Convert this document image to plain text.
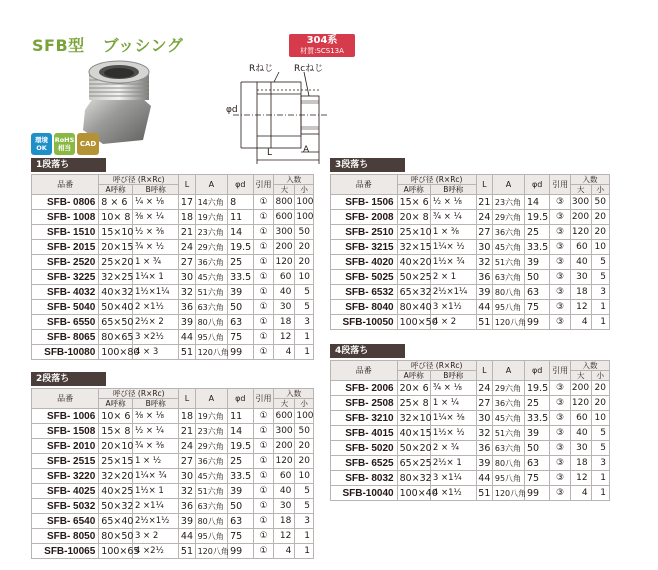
SFB型 ブッシング	304系
材質:SCS13A
環境
OK
RoHS
相当	CAD
Rねじ Rcねじ
φd
L	A
1段落ち
2段落ち
3段落ち
4段落ち
品番	呼び径 (R×Rc)		L	A	φd	引用	入数	
	A呼称	B呼称					大	小
SFB- 0806	8 × 6	¼ × ⅛	17	14六角	8	①	800	100
SFB- 1008	10× 8	⅜ × ¼	18	19六角	11	①	600	100
SFB- 1510	15×10	½ × ⅜	21	23六角	14	①	300	50
SFB- 2015	20×15	¾ × ½	24	29六角	19.5	①	200	20
SFB- 2520	25×20	1 × ¾	27	36六角	25	①	120	20
SFB- 3225	32×25	1¼× 1	30	45六角	33.5	①	60	10
SFB- 4032	40×32	1½×1¼	32	51六角	39	①	40	5
SFB- 5040	50×40	2 ×1½	36	63六角	50	①	30	5
SFB- 6550	65×50	2½× 2	39	80八角	63	①	18	3
SFB- 8065	80×65	3 ×2½	44	95八角	75	①	12	1
SFB-10080	100×80	4 × 3	51	120八角	99	①	4	1
品番	呼び径 (R×Rc)		L	A	φd	引用	入数	
	A呼称	B呼称					大	小
SFB- 1006	10× 6	⅜ × ⅛	18	19六角	11	①	600	100
SFB- 1508	15× 8	½ × ¼	21	23六角	14	①	300	50
SFB- 2010	20×10	¾ × ⅜	24	29六角	19.5	①	200	20
SFB- 2515	25×15	1 × ½	27	36六角	25	①	120	20
SFB- 3220	32×20	1¼× ¾	30	45六角	33.5	①	60	10
SFB- 4025	40×25	1½× 1	32	51六角	39	①	40	5
SFB- 5032	50×32	2 ×1¼	36	63六角	50	①	30	5
SFB- 6540	65×40	2½×1½	39	80八角	63	①	18	3
SFB- 8050	80×50	3 × 2	44	95八角	75	①	12	1
SFB-10065	100×65	4 ×2½	51	120八角	99	①	4	1
品番	呼び径 (R×Rc)		L	A	φd	引用	入数	
	A呼称	B呼称					大	小
SFB- 1506	15× 6	½ × ⅛	21	23六角	14	③	300	50
SFB- 2008	20× 8	¾ × ¼	24	29六角	19.5	③	200	20
SFB- 2510	25×10	1 × ⅜	27	36六角	25	③	120	20
SFB- 3215	32×15	1¼× ½	30	45六角	33.5	③	60	10
SFB- 4020	40×20	1½× ¾	32	51六角	39	③	40	5
SFB- 5025	50×25	2 × 1	36	63六角	50	③	30	5
SFB- 6532	65×32	2½×1¼	39	80八角	63	③	18	3
SFB- 8040	80×40	3 ×1½	44	95八角	75	③	12	1
SFB-10050	100×50	4 × 2	51	120八角	99	③	4	1
品番	呼び径 (R×Rc)		L	A	φd	引用	入数	
	A呼称	B呼称					大	小
SFB- 2006	20× 6	¾ × ⅛	24	29六角	19.5	③	200	20
SFB- 2508	25× 8	1 × ¼	27	36六角	25	③	120	20
SFB- 3210	32×10	1¼× ⅜	30	45六角	33.5	③	60	10
SFB- 4015	40×15	1½× ½	32	51六角	39	③	40	5
SFB- 5020	50×20	2 × ¾	36	63六角	50	③	30	5
SFB- 6525	65×25	2½× 1	39	80八角	63	③	18	3
SFB- 8032	80×32	3 ×1¼	44	95八角	75	③	12	1
SFB-10040	100×40	4 ×1½	51	120八角	99	③	4	1
